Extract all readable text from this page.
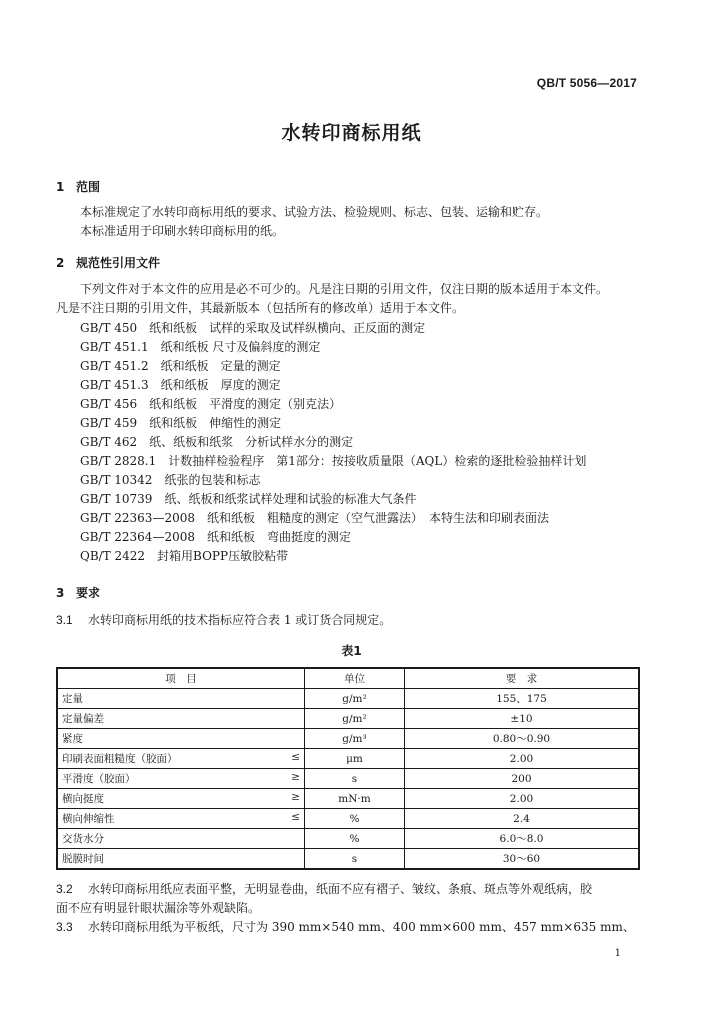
QB/T 5056—2017
水转印商标用纸
1 范围
本标准规定了水转印商标用纸的要求、试验方法、检验规则、标志、包装、运输和贮存。
本标准适用于印刷水转印商标用的纸。
2 规范性引用文件
下列文件对于本文件的应用是必不可少的。凡是注日期的引用文件，仅注日期的版本适用于本文件。
凡是不注日期的引用文件，其最新版本（包括所有的修改单）适用于本文件。
GB/T 450　纸和纸板　试样的采取及试样纵横向、正反面的测定
GB/T 451.1　纸和纸板 尺寸及偏斜度的测定
GB/T 451.2　纸和纸板　定量的测定
GB/T 451.3　纸和纸板　厚度的测定
GB/T 456　纸和纸板　平滑度的测定（别克法）
GB/T 459　纸和纸板　伸缩性的测定
GB/T 462　纸、纸板和纸浆　分析试样水分的测定
GB/T 2828.1　计数抽样检验程序　第1部分：按接收质量限（AQL）检索的逐批检验抽样计划
GB/T 10342　纸张的包装和标志
GB/T 10739　纸、纸板和纸浆试样处理和试验的标准大气条件
GB/T 22363—2008　纸和纸板　粗糙度的测定（空气泄露法）　本特生法和印刷表面法
GB/T 22364—2008　纸和纸板　弯曲挺度的测定
QB/T 2422　封箱用BOPP压敏胶粘带
3 要求
3.1 水转印商标用纸的技术指标应符合表 1 或订货合同规定。
表1
项　目	单位	要　求

定量	g/m²	155、175

定量偏差	g/m²	±10

紧度	g/m³	0.80～0.90

印刷表面粗糙度（胶面） ≤	μm	2.00

平滑度（胶面） ≥	s	200

横向挺度 ≥	mN·m	2.00

横向伸缩性 ≤	%	2.4

交货水分	%	6.0～8.0

脱膜时间	s	30～60
3.2 水转印商标用纸应表面平整，无明显卷曲，纸面不应有褶子、皱纹、条痕、斑点等外观纸病，胶
面不应有明显针眼状漏涂等外观缺陷。
3.3 水转印商标用纸为平板纸，尺寸为 390 mm×540 mm、400 mm×600 mm、457 mm×635 mm、
1
